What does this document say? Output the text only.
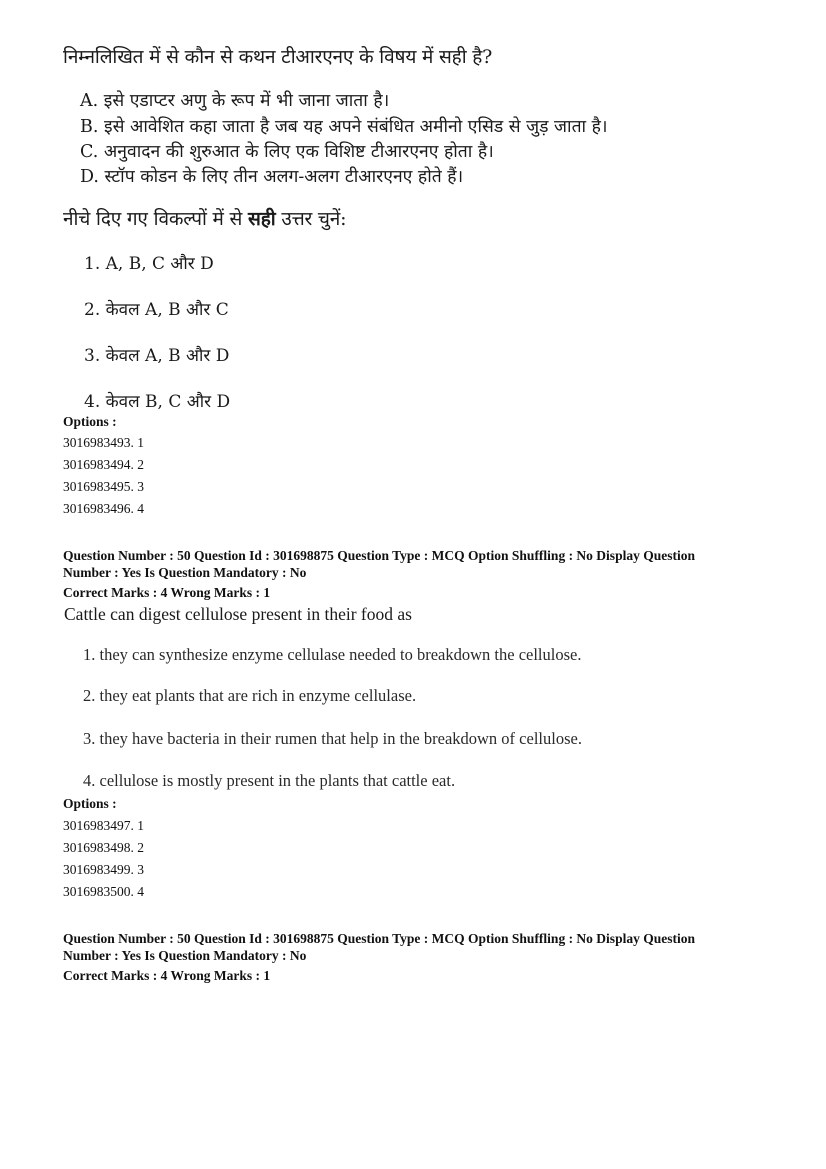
निम्नलिखित में से कौन से कथन टीआरएनए के विषय में सही है?
A. इसे एडाप्टर अणु के रूप में भी जाना जाता है।
B. इसे आवेशित कहा जाता है जब यह अपने संबंधित अमीनो एसिड से जुड़ जाता है।
C. अनुवादन की शुरुआत के लिए एक विशिष्ट टीआरएनए होता है।
D. स्टॉप कोडन के लिए तीन अलग-अलग टीआरएनए होते हैं।
नीचे दिए गए विकल्पों में से सही उत्तर चुनें:
1. A, B, C और D
2. केवल A, B और C
3. केवल A, B और D
4. केवल B, C और D
Options :
3016983493. 1
3016983494. 2
3016983495. 3
3016983496. 4
Question Number : 50 Question Id : 301698875 Question Type : MCQ Option Shuffling : No Display Question
Number : Yes Is Question Mandatory : No
Correct Marks : 4 Wrong Marks : 1
Cattle can digest cellulose present in their food as
1. they can synthesize enzyme cellulase needed to breakdown the cellulose.
2. they eat plants that are rich in enzyme cellulase.
3. they have bacteria in their rumen that help in the breakdown of cellulose.
4. cellulose is mostly present in the plants that cattle eat.
Options :
3016983497. 1
3016983498. 2
3016983499. 3
3016983500. 4
Question Number : 50 Question Id : 301698875 Question Type : MCQ Option Shuffling : No Display Question
Number : Yes Is Question Mandatory : No
Correct Marks : 4 Wrong Marks : 1
